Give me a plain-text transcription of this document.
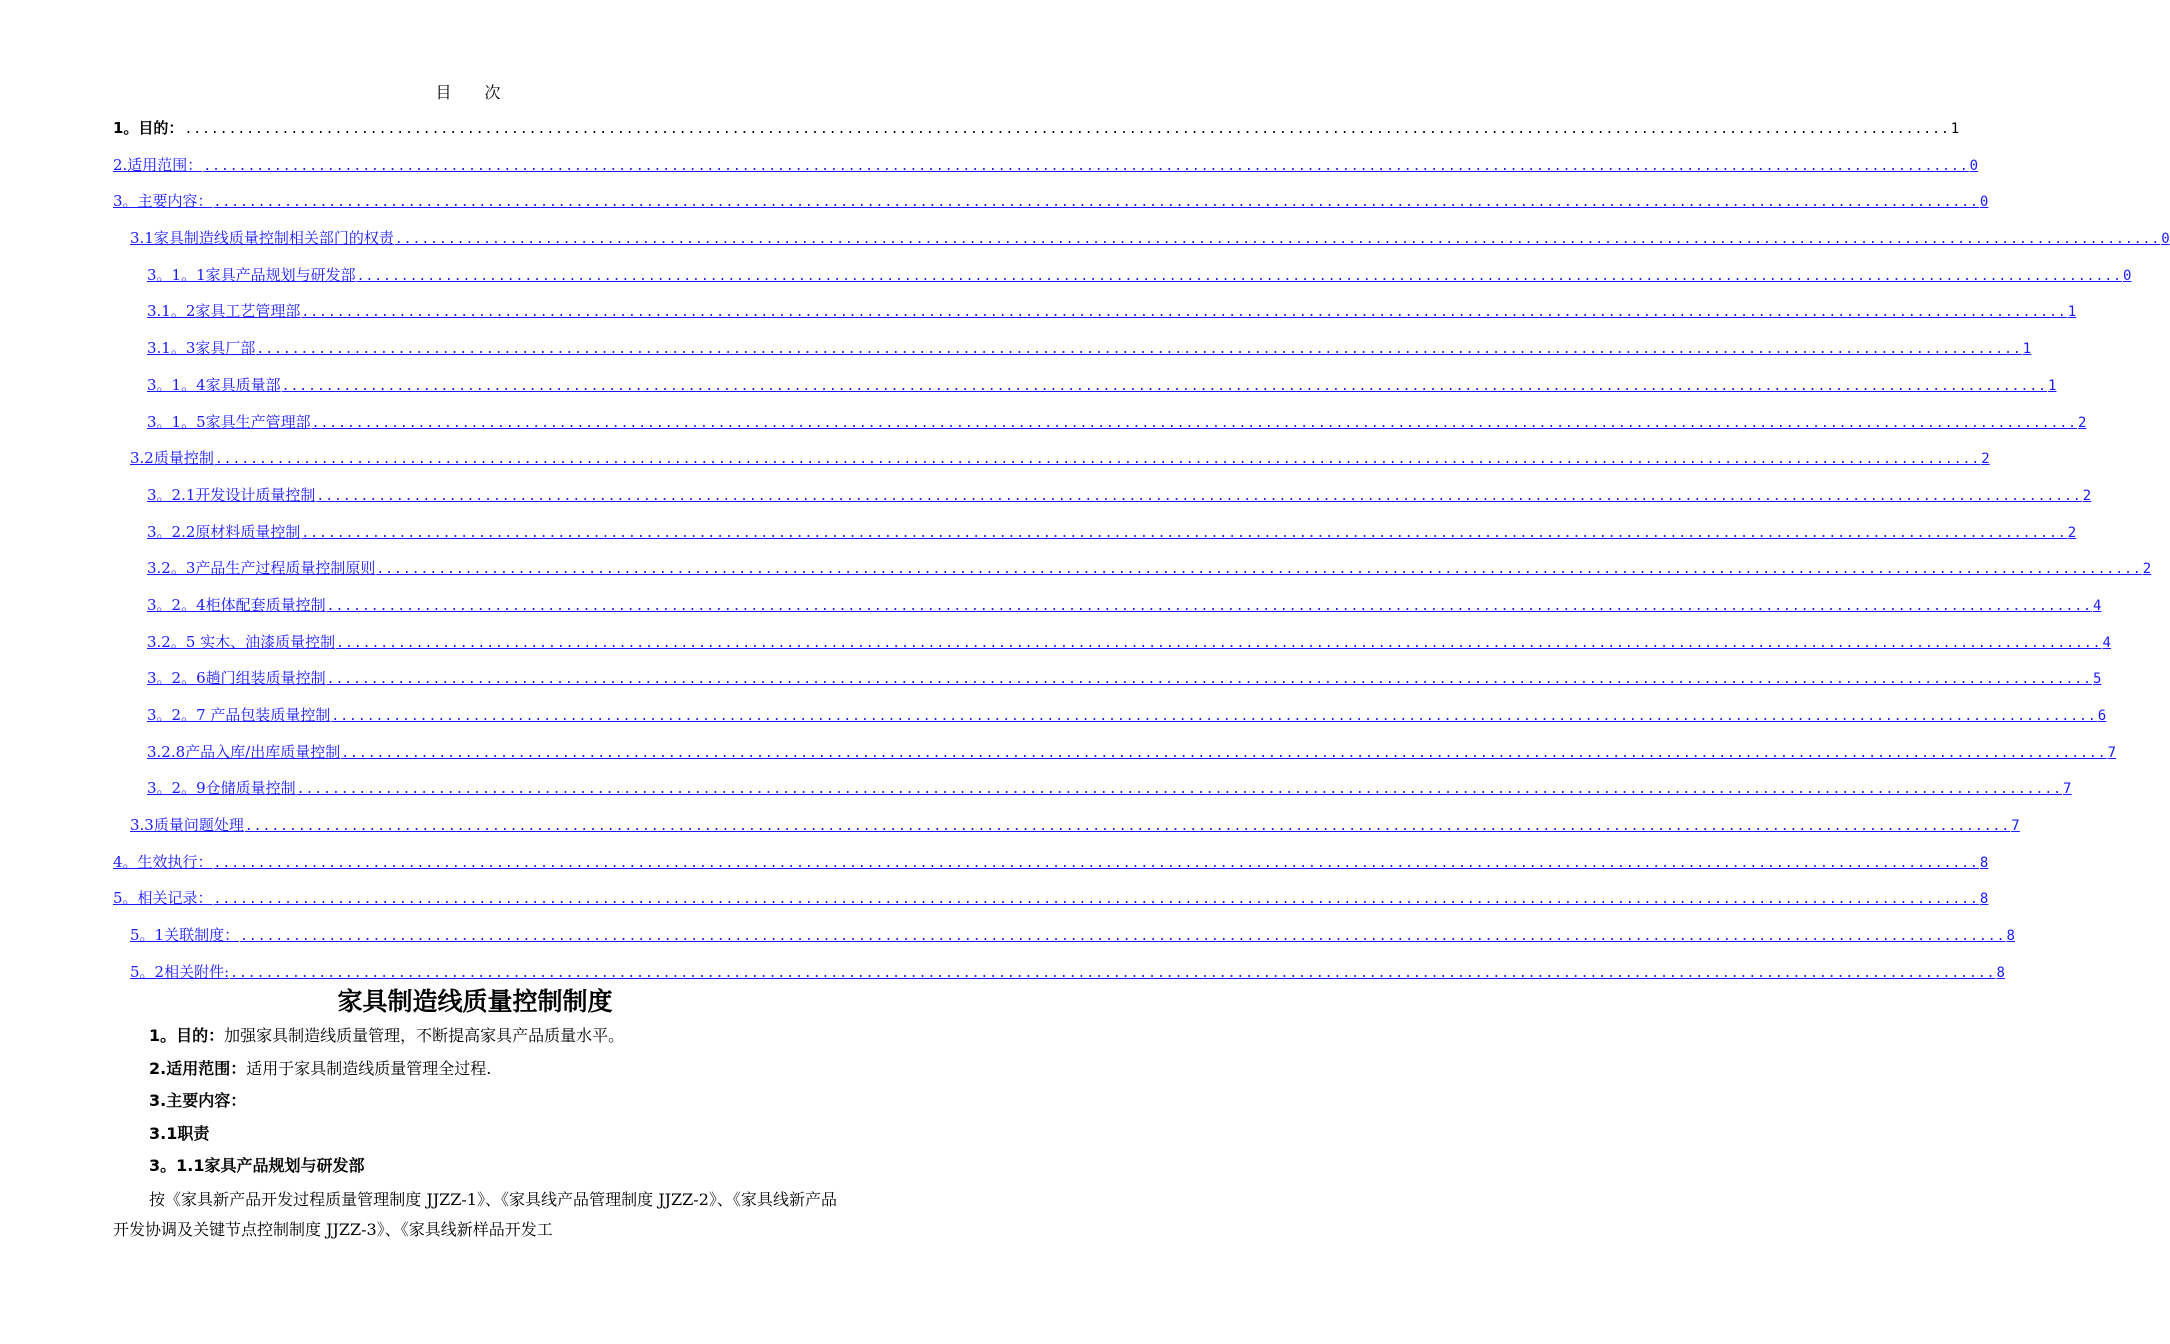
目 次
1。目的： ........................................................................................................................................................................................................ 1
2.适用范围： ........................................................................................................................................................................................................ 0
3。主要内容： ........................................................................................................................................................................................................ 0
3.1家具制造线质量控制相关部门的权责 ........................................................................................................................................................................................................ 0
3。1。1家具产品规划与研发部 ........................................................................................................................................................................................................ 0
3.1。2家具工艺管理部 ........................................................................................................................................................................................................ 1
3.1。3家具厂部 ........................................................................................................................................................................................................ 1
3。1。4家具质量部 ........................................................................................................................................................................................................ 1
3。1。5家具生产管理部 ........................................................................................................................................................................................................ 2
3.2质量控制 ........................................................................................................................................................................................................ 2
3。2.1开发设计质量控制 ........................................................................................................................................................................................................ 2
3。2.2原材料质量控制 ........................................................................................................................................................................................................ 2
3.2。3产品生产过程质量控制原则 ........................................................................................................................................................................................................ 2
3。2。4柜体配套质量控制 ........................................................................................................................................................................................................ 4
3.2。5 实木、油漆质量控制 ........................................................................................................................................................................................................ 4
3。2。6趟门组装质量控制 ........................................................................................................................................................................................................ 5
3。2。7 产品包装质量控制 ........................................................................................................................................................................................................ 6
3.2.8产品入库/出库质量控制 ........................................................................................................................................................................................................ 7
3。2。9仓储质量控制 ........................................................................................................................................................................................................ 7
3.3质量问题处理 ........................................................................................................................................................................................................ 7
4。生效执行： ........................................................................................................................................................................................................ 8
5。相关记录： ........................................................................................................................................................................................................ 8
5。1关联制度： ........................................................................................................................................................................................................ 8
5。2相关附件: ........................................................................................................................................................................................................ 8
家具制造线质量控制制度
1。目的：加强家具制造线质量管理，不断提高家具产品质量水平。
2.适用范围：适用于家具制造线质量管理全过程.
3.主要内容：
3.1职责
3。1.1家具产品规划与研发部
按《家具新产品开发过程质量管理制度 JJZZ-1》、《家具线产品管理制度 JJZZ-2》、《家具线新产品开发协调及关键节点控制制度 JJZZ-3》、《家具线新样品开发工
